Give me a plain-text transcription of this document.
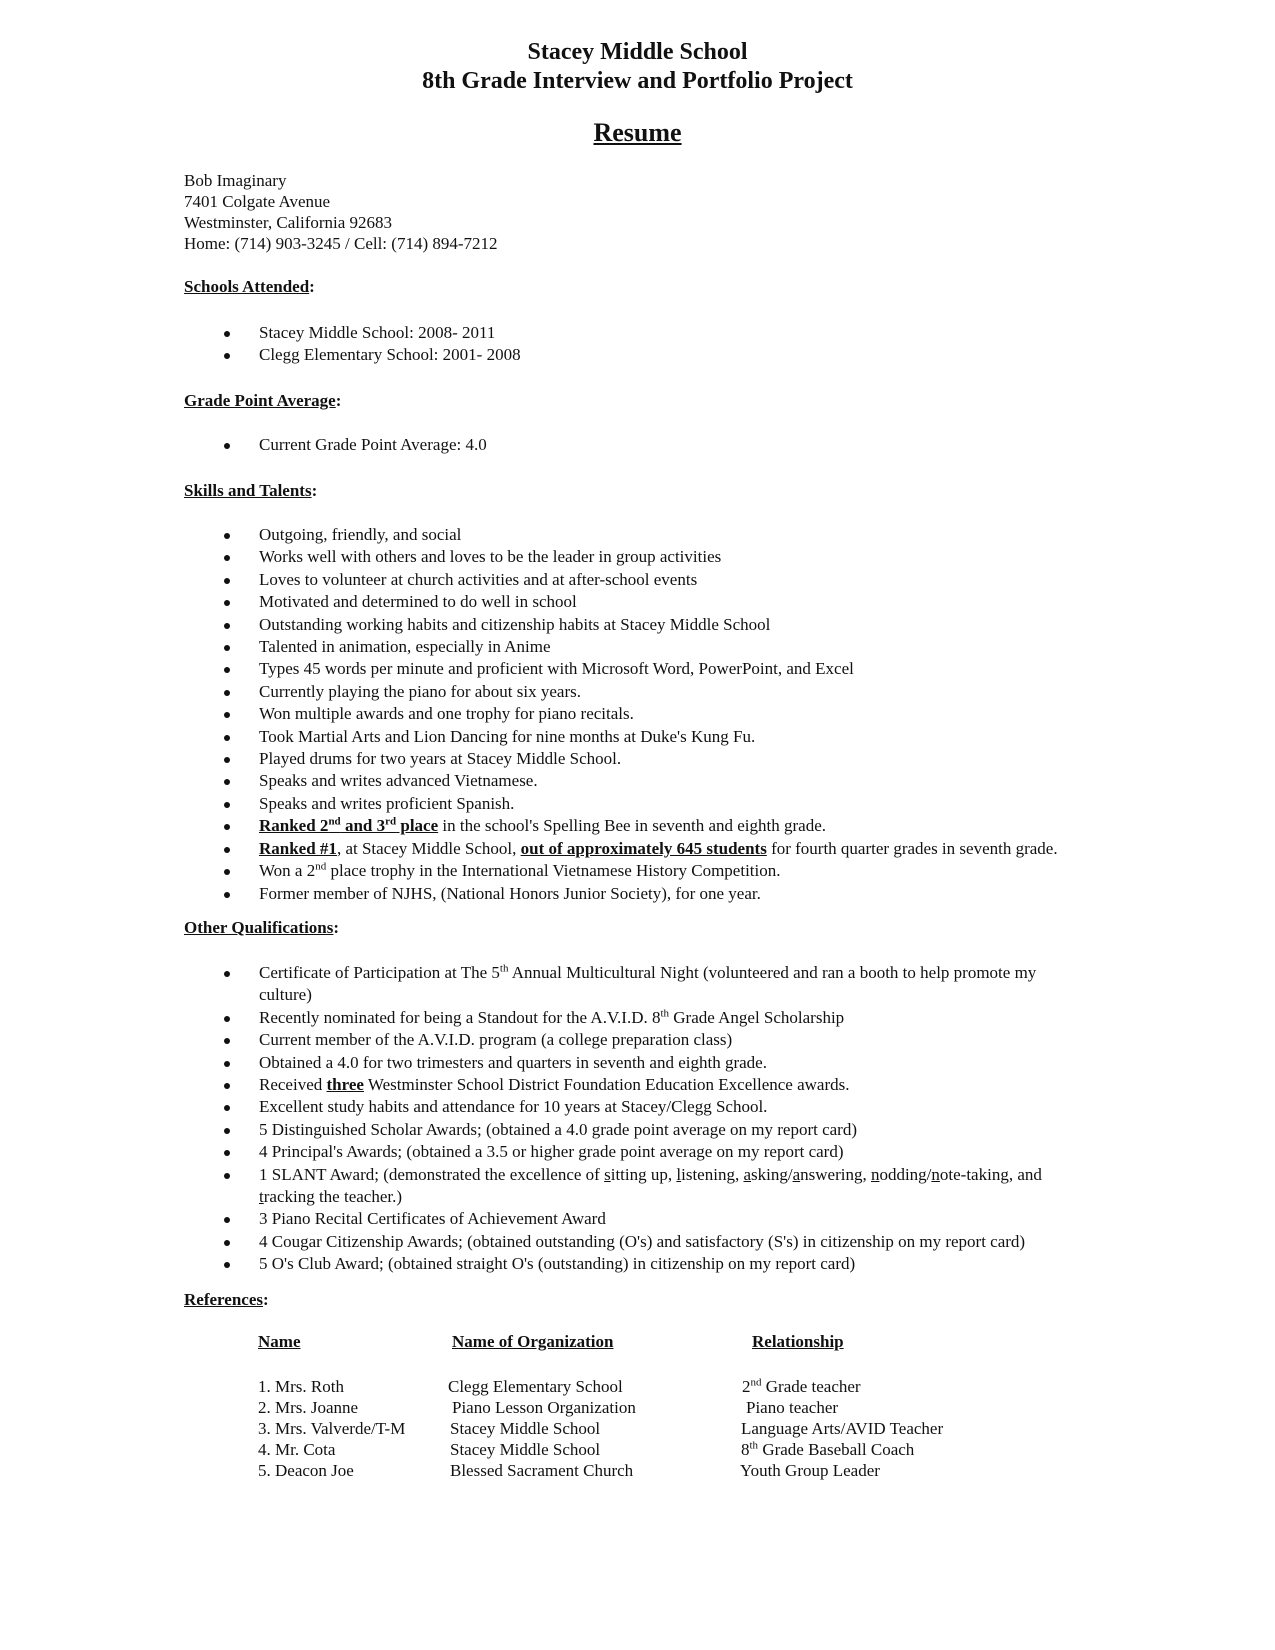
Stacey Middle School
8th Grade Interview and Portfolio Project
Resume
Bob Imaginary
7401 Colgate Avenue
Westminster, California 92683
Home: (714) 903-3245 / Cell: (714) 894-7212
Schools Attended:
Stacey Middle School: 2008- 2011
Clegg Elementary School: 2001- 2008
Grade Point Average:
Current Grade Point Average: 4.0
Skills and Talents:
Outgoing, friendly, and social
Works well with others and loves to be the leader in group activities
Loves to volunteer at church activities and at after-school events
Motivated and determined to do well in school
Outstanding working habits and citizenship habits at Stacey Middle School
Talented in animation, especially in Anime
Types 45 words per minute and proficient with Microsoft Word, PowerPoint, and Excel
Currently playing the piano for about six years.
Won multiple awards and one trophy for piano recitals.
Took Martial Arts and Lion Dancing for nine months at Duke's Kung Fu.
Played drums for two years at Stacey Middle School.
Speaks and writes advanced Vietnamese.
Speaks and writes proficient Spanish.
Ranked 2nd and 3rd place in the school's Spelling Bee in seventh and eighth grade.
Ranked #1, at Stacey Middle School, out of approximately 645 students for fourth quarter grades in seventh grade.
Won a 2nd place trophy in the International Vietnamese History Competition.
Former member of NJHS, (National Honors Junior Society), for one year.
Other Qualifications:
Certificate of Participation at The 5th Annual Multicultural Night (volunteered and ran a booth to help promote my culture)
Recently nominated for being a Standout for the A.V.I.D. 8th Grade Angel Scholarship
Current member of the A.V.I.D. program (a college preparation class)
Obtained a 4.0 for two trimesters and quarters in seventh and eighth grade.
Received three Westminster School District Foundation Education Excellence awards.
Excellent study habits and attendance for 10 years at Stacey/Clegg School.
5 Distinguished Scholar Awards; (obtained a 4.0 grade point average on my report card)
4 Principal's Awards; (obtained a 3.5 or higher grade point average on my report card)
1 SLANT Award; (demonstrated the excellence of sitting up, listening, asking/answering, nodding/note-taking, and tracking the teacher.)
3 Piano Recital Certificates of Achievement Award
4 Cougar Citizenship Awards; (obtained outstanding (O's) and satisfactory (S's) in citizenship on my report card)
5 O's Club Award; (obtained straight O's (outstanding) in citizenship on my report card)
References:
Name	Name of Organization	Relationship
1. Mrs. Roth	Clegg Elementary School	2nd Grade teacher
2. Mrs. Joanne	Piano Lesson Organization	Piano teacher
3. Mrs. Valverde/T-M	Stacey Middle School	Language Arts/AVID Teacher
4. Mr. Cota	Stacey Middle School	8th Grade Baseball Coach
5. Deacon Joe	Blessed Sacrament Church	Youth Group Leader
